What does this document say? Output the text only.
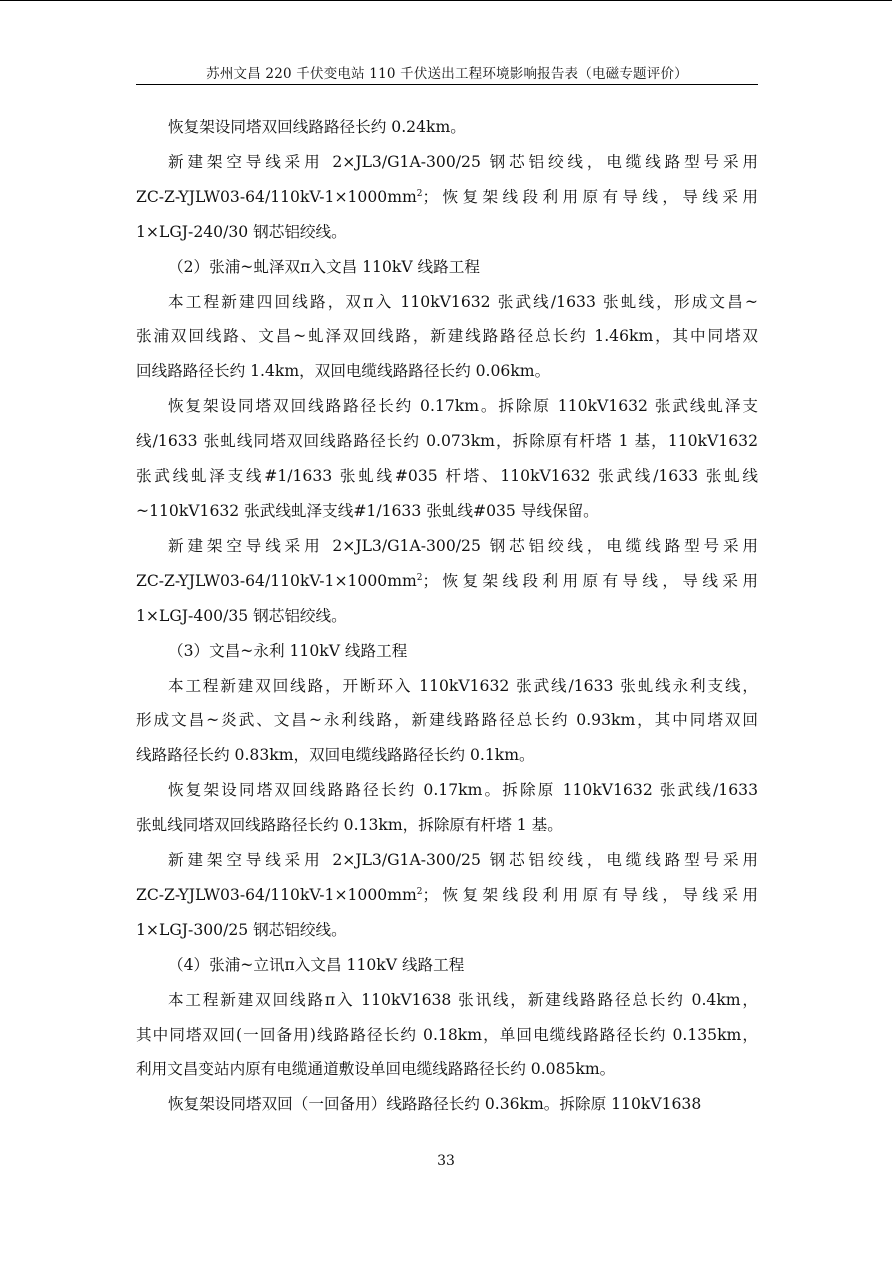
苏州文昌 220 千伏变电站 110 千伏送出工程环境影响报告表（电磁专题评价）

恢复架设同塔双回线路路径长约 0.24km。

新建架空导线采用 2×JL3/G1A-300/25 钢芯铝绞线，电缆线路型号采用
$ZC-Z-YJLW03-64/110kV-1\times 1000mm^2$；恢复架线段利用原有导线，导线采用
1×LGJ-240/30 钢芯铝绞线。

（2）张浦~虬泽双π入文昌 110kV 线路工程

本工程新建四回线路，双π入 110kV1632 张武线/1633 张虬线，形成文昌~
张浦双回线路、文昌~虬泽双回线路，新建线路路径总长约 1.46km，其中同塔双
回线路路径长约 1.4km，双回电缆线路路径长约 0.06km。

恢复架设同塔双回线路路径长约 0.17km。拆除原 110kV1632 张武线虬泽支
线/1633 张虬线同塔双回线路路径长约 0.073km，拆除原有杆塔 1 基，110kV1632
张武线虬泽支线#1/1633 张虬线#035 杆塔、110kV1632 张武线/1633 张虬线
~110kV1632 张武线虬泽支线#1/1633 张虬线#035 导线保留。

新建架空导线采用 2×JL3/G1A-300/25 钢芯铝绞线，电缆线路型号采用
$ZC-Z-YJLW03-64/110kV-1\times 1000mm^2$；恢复架线段利用原有导线，导线采用
1×LGJ-400/35 钢芯铝绞线。

（3）文昌~永利 110kV 线路工程

本工程新建双回线路，开断环入 110kV1632 张武线/1633 张虬线永利支线，
形成文昌~炎武、文昌~永利线路，新建线路路径总长约 0.93km，其中同塔双回
线路路径长约 0.83km，双回电缆线路路径长约 0.1km。

恢复架设同塔双回线路路径长约 0.17km。拆除原 110kV1632 张武线/1633
张虬线同塔双回线路路径长约 0.13km，拆除原有杆塔 1 基。

新建架空导线采用 2×JL3/G1A-300/25 钢芯铝绞线，电缆线路型号采用
$ZC-Z-YJLW03-64/110kV-1\times 1000mm^2$；恢复架线段利用原有导线，导线采用
1×LGJ-300/25 钢芯铝绞线。

（4）张浦~立讯π入文昌 110kV 线路工程

本工程新建双回线路π入 110kV1638 张讯线，新建线路路径总长约 0.4km，
其中同塔双回(一回备用)线路路径长约 0.18km，单回电缆线路路径长约 0.135km，
利用文昌变站内原有电缆通道敷设单回电缆线路路径长约 0.085km。

恢复架设同塔双回（一回备用）线路路径长约 0.36km。拆除原 110kV1638

33
